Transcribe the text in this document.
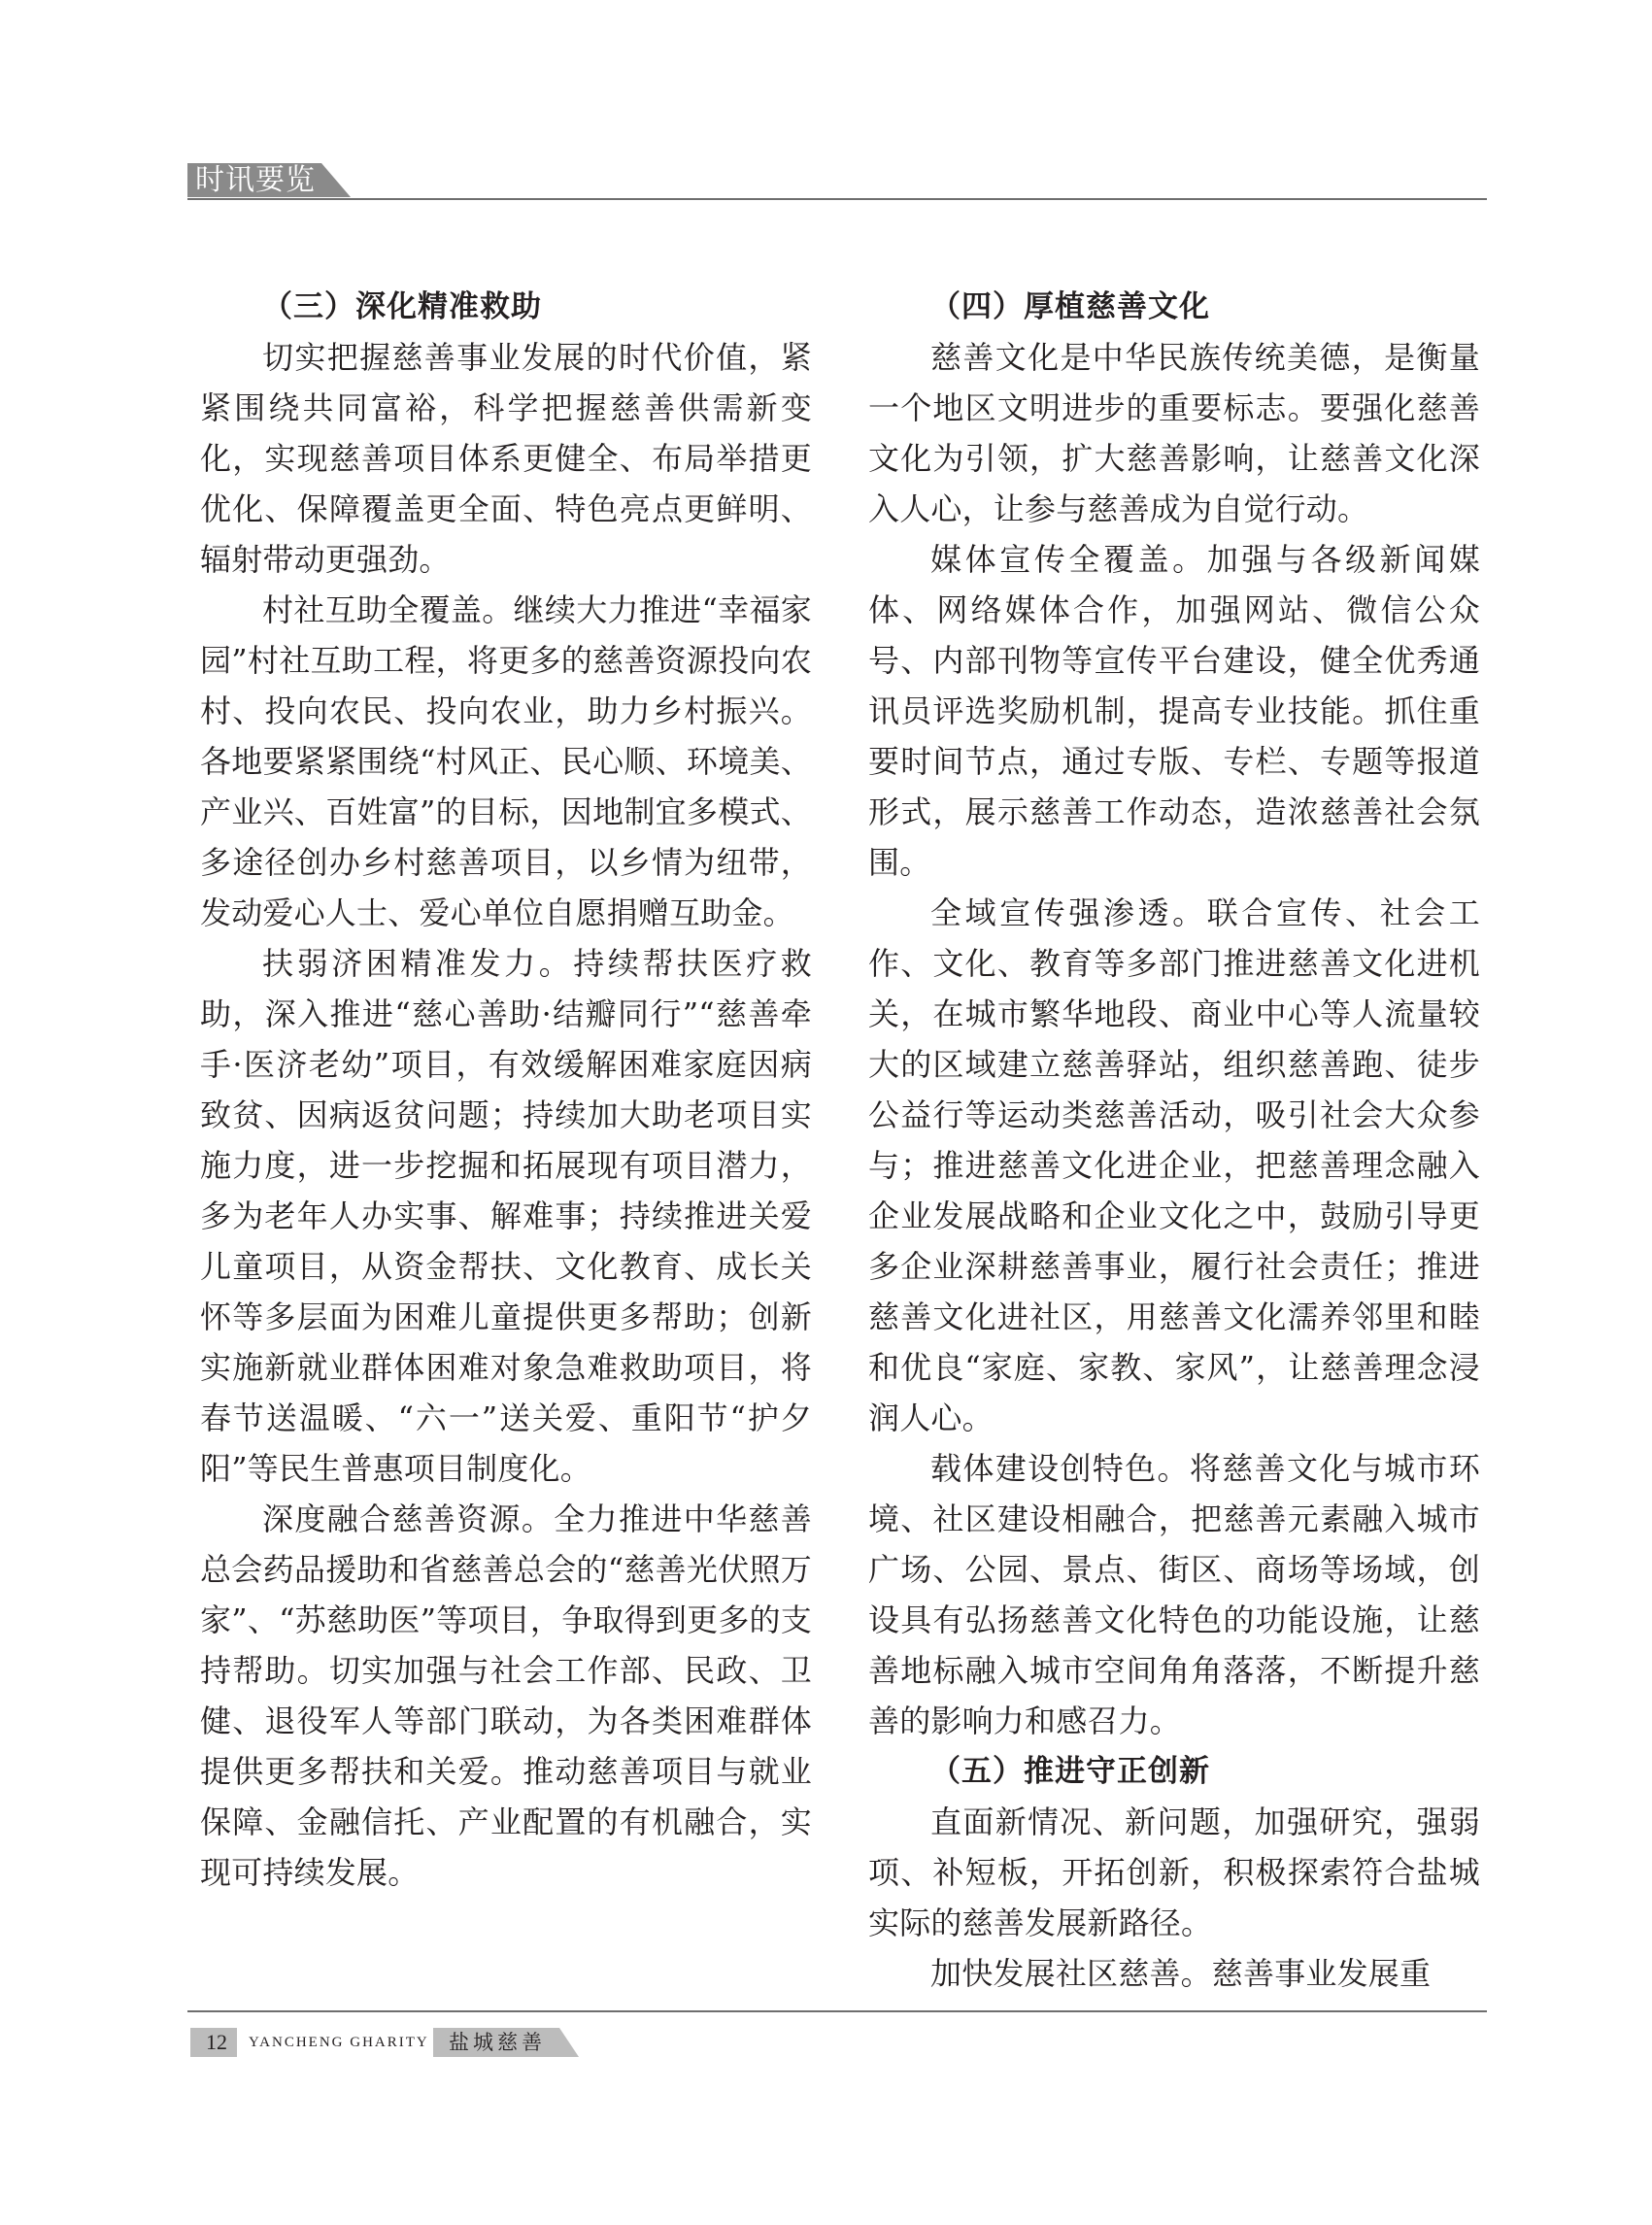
时讯要览

（三）深化精准救助

切实把握慈善事业发展的时代价值，紧紧围绕共同富裕，科学把握慈善供需新变化，实现慈善项目体系更健全、布局举措更优化、保障覆盖更全面、特色亮点更鲜明、辐射带动更强劲。

村社互助全覆盖。继续大力推进“幸福家园”村社互助工程，将更多的慈善资源投向农村、投向农民、投向农业，助力乡村振兴。各地要紧紧围绕“村风正、民心顺、环境美、产业兴、百姓富”的目标，因地制宜多模式、多途径创办乡村慈善项目，以乡情为纽带，发动爱心人士、爱心单位自愿捐赠互助金。

扶弱济困精准发力。持续帮扶医疗救助，深入推进“慈心善助·结瓣同行”“慈善牵手·医济老幼”项目，有效缓解困难家庭因病致贫、因病返贫问题；持续加大助老项目实施力度，进一步挖掘和拓展现有项目潜力，多为老年人办实事、解难事；持续推进关爱儿童项目，从资金帮扶、文化教育、成长关怀等多层面为困难儿童提供更多帮助；创新实施新就业群体困难对象急难救助项目，将春节送温暖、“六一”送关爱、重阳节“护夕阳”等民生普惠项目制度化。

深度融合慈善资源。全力推进中华慈善总会药品援助和省慈善总会的“慈善光伏照万家”、“苏慈助医”等项目，争取得到更多的支持帮助。切实加强与社会工作部、民政、卫健、退役军人等部门联动，为各类困难群体提供更多帮扶和关爱。推动慈善项目与就业保障、金融信托、产业配置的有机融合，实现可持续发展。

（四）厚植慈善文化

慈善文化是中华民族传统美德，是衡量一个地区文明进步的重要标志。要强化慈善文化为引领，扩大慈善影响，让慈善文化深入人心，让参与慈善成为自觉行动。

媒体宣传全覆盖。加强与各级新闻媒体、网络媒体合作，加强网站、微信公众号、内部刊物等宣传平台建设，健全优秀通讯员评选奖励机制，提高专业技能。抓住重要时间节点，通过专版、专栏、专题等报道形式，展示慈善工作动态，造浓慈善社会氛围。

全域宣传强渗透。联合宣传、社会工作、文化、教育等多部门推进慈善文化进机关，在城市繁华地段、商业中心等人流量较大的区域建立慈善驿站，组织慈善跑、徒步公益行等运动类慈善活动，吸引社会大众参与；推进慈善文化进企业，把慈善理念融入企业发展战略和企业文化之中，鼓励引导更多企业深耕慈善事业，履行社会责任；推进慈善文化进社区，用慈善文化濡养邻里和睦和优良“家庭、家教、家风”，让慈善理念浸润人心。

载体建设创特色。将慈善文化与城市环境、社区建设相融合，把慈善元素融入城市广场、公园、景点、街区、商场等场域，创设具有弘扬慈善文化特色的功能设施，让慈善地标融入城市空间角角落落，不断提升慈善的影响力和感召力。

（五）推进守正创新

直面新情况、新问题，加强研究，强弱项、补短板，开拓创新，积极探索符合盐城实际的慈善发展新路径。

加快发展社区慈善。慈善事业发展重

12 YANCHENG GHARITY 盐城慈善
